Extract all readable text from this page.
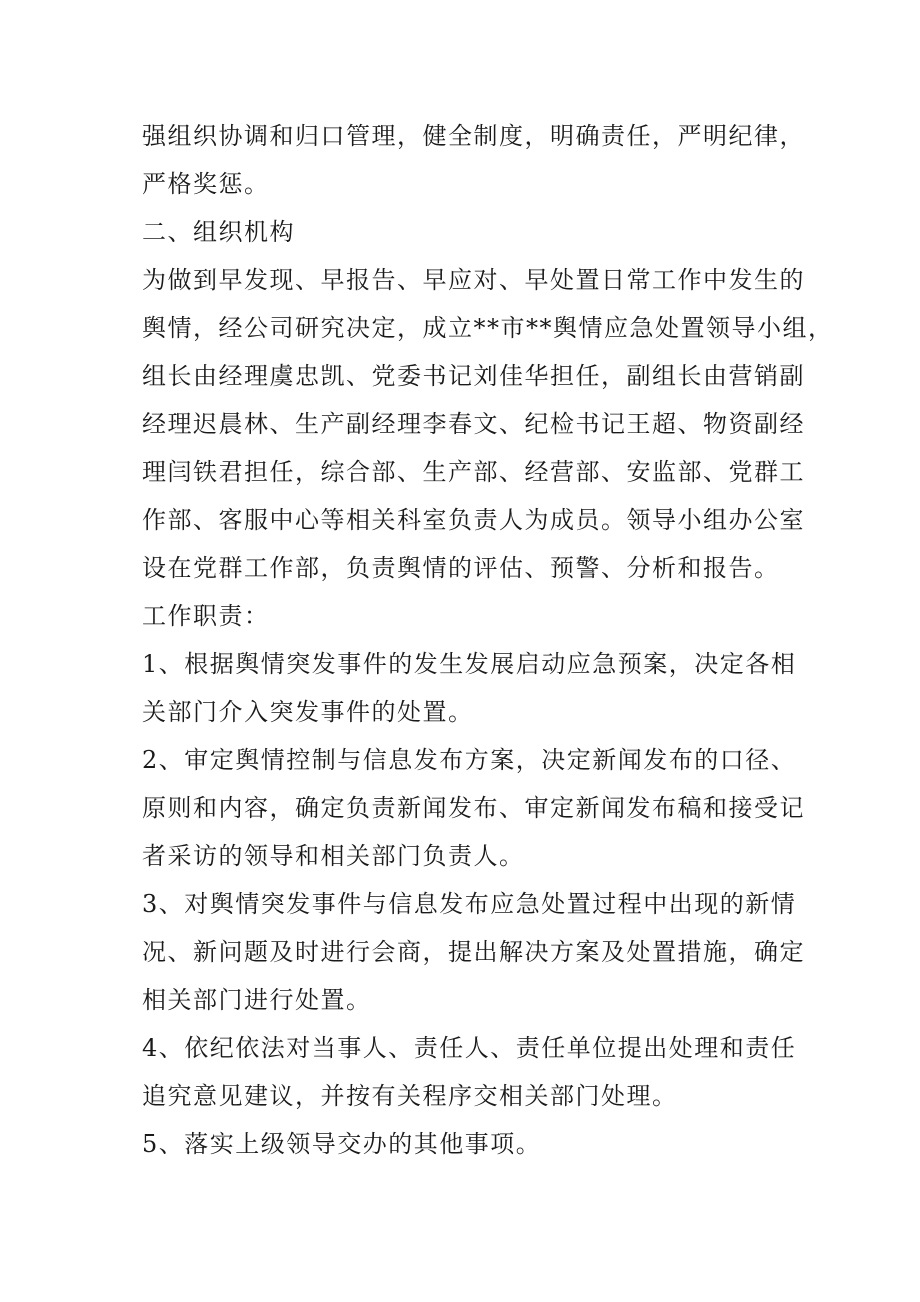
强组织协调和归口管理，健全制度，明确责任，严明纪律，
严格奖惩。
二、组织机构
为做到早发现、早报告、早应对、早处置日常工作中发生的
舆情，经公司研究决定，成立**市**舆情应急处置领导小组，
组长由经理虞忠凯、党委书记刘佳华担任，副组长由营销副
经理迟晨林、生产副经理李春文、纪检书记王超、物资副经
理闫铁君担任，综合部、生产部、经营部、安监部、党群工
作部、客服中心等相关科室负责人为成员。领导小组办公室
设在党群工作部，负责舆情的评估、预警、分析和报告。
工作职责：
1、根据舆情突发事件的发生发展启动应急预案，决定各相
关部门介入突发事件的处置。
2、审定舆情控制与信息发布方案，决定新闻发布的口径、
原则和内容，确定负责新闻发布、审定新闻发布稿和接受记
者采访的领导和相关部门负责人。
3、对舆情突发事件与信息发布应急处置过程中出现的新情
况、新问题及时进行会商，提出解决方案及处置措施，确定
相关部门进行处置。
4、依纪依法对当事人、责任人、责任单位提出处理和责任
追究意见建议，并按有关程序交相关部门处理。
5、落实上级领导交办的其他事项。
